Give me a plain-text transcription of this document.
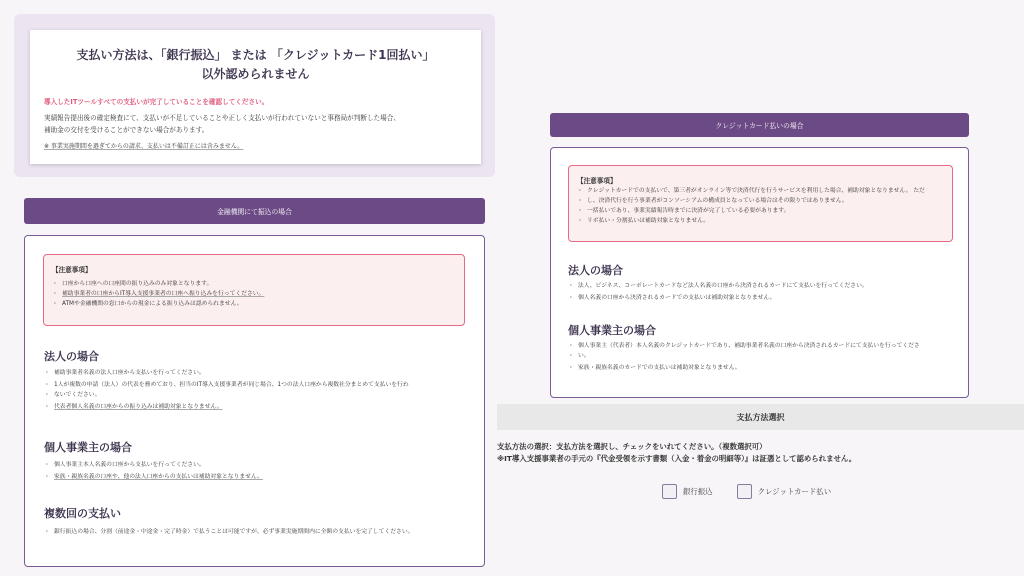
支払い方法は、「銀行振込」 または 「クレジットカード1回払い」
以外認められません
導入したITツールすべての支払いが完了していることを確認してください。
実績報告提出後の確定検査にて、支払いが不足していることや正しく支払いが行われていないと事務局が判断した場合、
補助金の交付を受けることができない場合があります。
※ 事業実施期間を過ぎてからの請求、支払いは不備訂正には含みません。
金融機関にて振込の場合
【注意事項】
・ 口座から口座への口座間の振り込みのみ対象となります。
・ 補助事業者の口座からIT導入支援事業者の口座へ振り込みを行ってください。
・ ATMや金融機関の窓口からの現金による振り込みは認められません。
法人の場合
・ 補助事業者名義の法人口座から支払いを行ってください。
・ 1人が複数の申請（法人）の代表を務めており、担当のIT導入支援事業者が同じ場合、1つの法人口座から複数社分まとめて支払いを行わ
・ ないでください。
・ 代表者個人名義の口座からの振り込みは補助対象となりません。
個人事業主の場合
・ 個人事業主本人名義の口座から支払いを行ってください。
・ 家族・親族名義の口座や、他の法人口座からの支払いは補助対象となりません。
複数回の支払い
・ 銀行振込の場合、分割（前途金・中途金・完了時金）で払うことは可能ですが、必ず事業実施期間内に全額の支払いを完了してください。
クレジットカード払いの場合
【注意事項】
・ クレジットカードでの支払いで、第三者がオンライン等で決済代行を行うサービスを利用した場合、補助対象となりません。 ただ
・ し、決済代行を行う事業者がコンソーシアムの構成員となっている場合はその限りではありません。
・ 一括払いであり、事業実績報告時までに決済が完了している必要があります。
・ リボ払い・分割払いは補助対象となりません。
法人の場合
・ 法人、ビジネス、コーポレートカードなど法人名義の口座から決済されるカードにて支払いを行ってください。
・ 個人名義の口座から決済されるカードでの支払いは補助対象となりません。
個人事業主の場合
・ 個人事業主（代表者）本人名義のクレジットカードであり、補助事業者名義の口座から決済されるカードにて支払いを行ってくださ
・ い。
・ 家族・親族名義のカードでの支払いは補助対象となりません。
支払方法選択
支払方法の選択：支払方法を選択し、チェックをいれてください。（複数選択可）
※IT導入支援事業者の手元の『代金受領を示す書類（入金・着金の明細等）』は証憑として認められません。
銀行振込	クレジットカード払い
